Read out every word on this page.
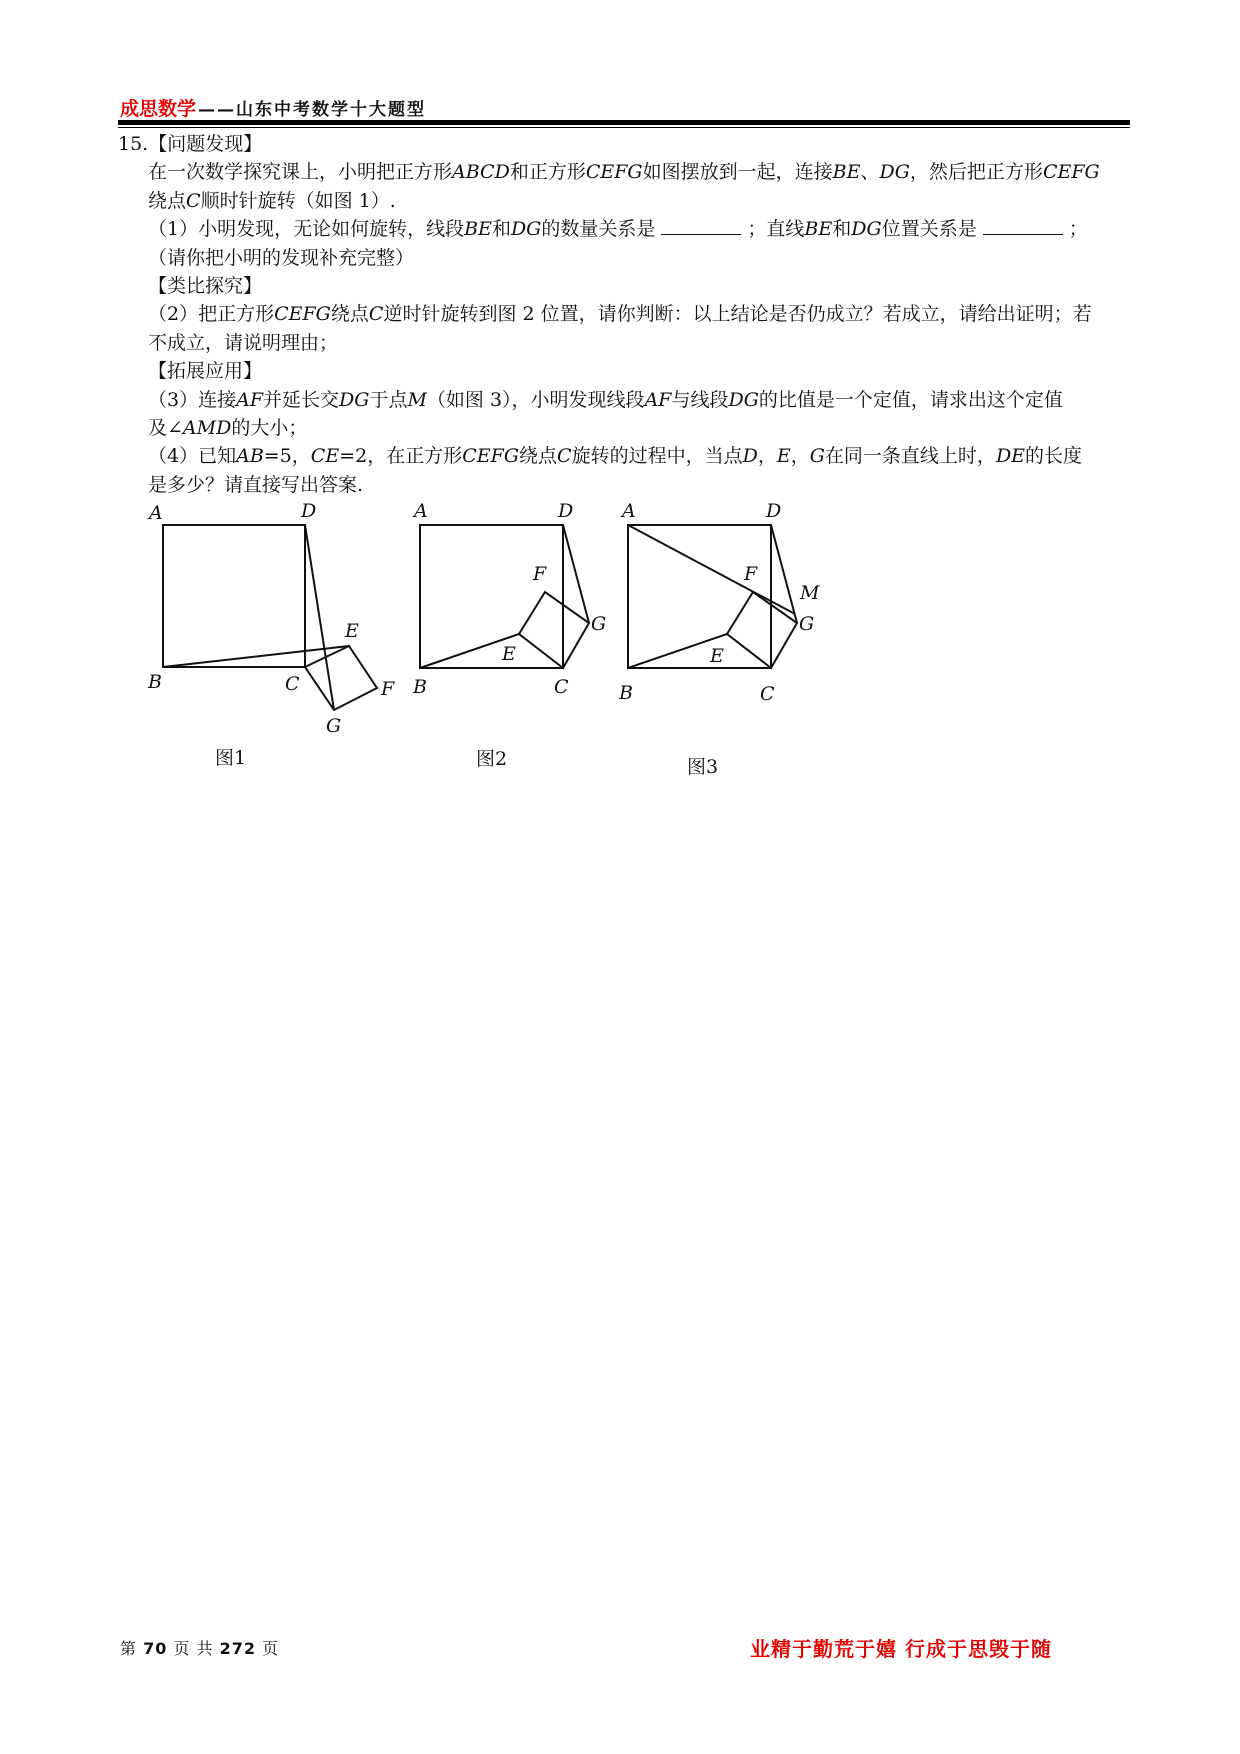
成思数学 ——山东中考数学十大题型
15.【问题发现】
在一次数学探究课上，小明把正方形ABCD和正方形CEFG如图摆放到一起，连接BE、DG，然后把正方形CEFG
绕点C顺时针旋转（如图 1）.
（1）小明发现，无论如何旋转，线段BE和DG的数量关系是	；直线BE和DG位置关系是	；
（请你把小明的发现补充完整）
【类比探究】
（2）把正方形CEFG绕点C逆时针旋转到图 2 位置，请你判断：以上结论是否仍成立？若成立，请给出证明；若
不成立，请说明理由；
【拓展应用】
（3）连接AF并延长交DG于点M（如图 3），小明发现线段AF与线段DG的比值是一个定值，请求出这个定值
及∠AMD的大小；
（4）已知AB=5，CE=2，在正方形CEFG绕点C旋转的过程中，当点D，E，G在同一条直线上时，DE的长度
是多少？请直接写出答案.
A	D
B	C
E
F
G
图1
A	D
B	C
E
F
G
图2
A	D
B	C
E
F
G
M
图3
第 70 页 共 272 页	业精于勤荒于嬉 行成于思毁于随
